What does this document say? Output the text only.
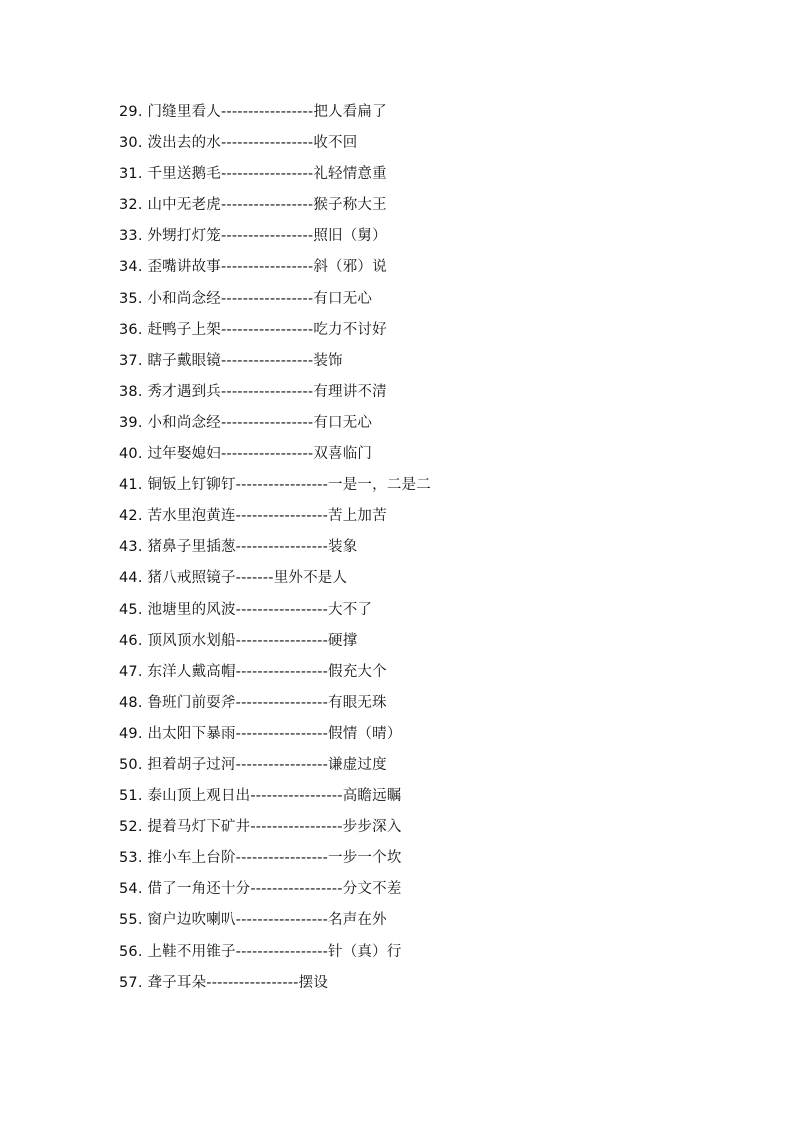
29. 门缝里看人-----------------把人看扁了
30. 泼出去的水-----------------收不回
31. 千里送鹅毛-----------------礼轻情意重
32. 山中无老虎-----------------猴子称大王
33. 外甥打灯笼-----------------照旧（舅）
34. 歪嘴讲故事-----------------斜（邪）说
35. 小和尚念经-----------------有口无心
36. 赶鸭子上架-----------------吃力不讨好
37. 瞎子戴眼镜-----------------装饰
38. 秀才遇到兵-----------------有理讲不清
39. 小和尚念经-----------------有口无心
40. 过年娶媳妇-----------------双喜临门
41. 铜钣上钉铆钉-----------------一是一，二是二
42. 苦水里泡黄连-----------------苦上加苦
43. 猪鼻子里插葱-----------------装象
44. 猪八戒照镜子-------里外不是人
45. 池塘里的风波-----------------大不了
46. 顶风顶水划船-----------------硬撑
47. 东洋人戴高帽-----------------假充大个
48. 鲁班门前耍斧-----------------有眼无珠
49. 出太阳下暴雨-----------------假情（晴）
50. 担着胡子过河-----------------谦虚过度
51. 泰山顶上观日出-----------------高瞻远瞩
52. 提着马灯下矿井-----------------步步深入
53. 推小车上台阶-----------------一步一个坎
54. 借了一角还十分-----------------分文不差
55. 窗户边吹喇叭-----------------名声在外
56. 上鞋不用锥子-----------------针（真）行
57. 聋子耳朵-----------------摆设
